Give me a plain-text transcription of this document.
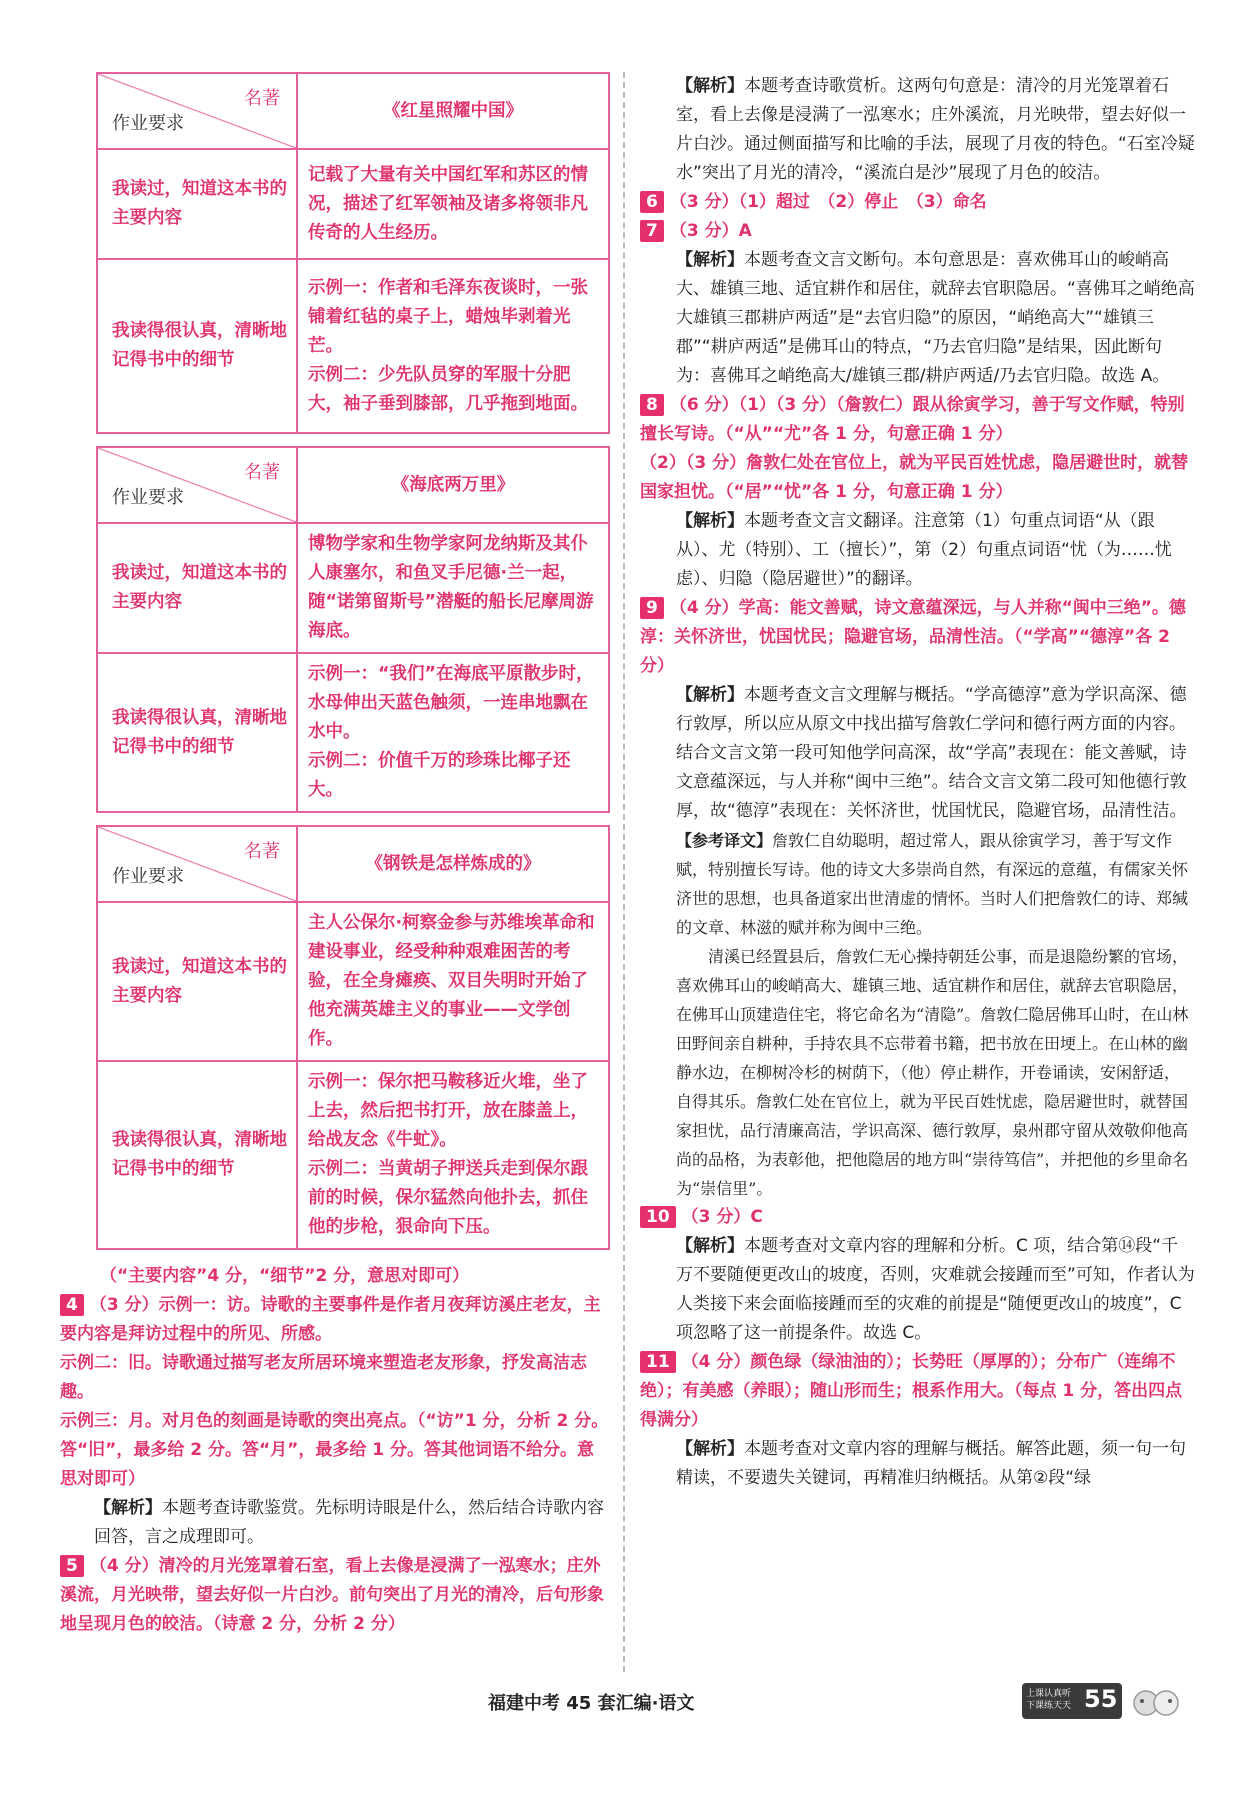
名著
作业要求	《红星照耀中国》
我读过，知道这本书的主要内容	记载了大量有关中国红军和苏区的情况，描述了红军领袖及诸多将领非凡传奇的人生经历。
我读得很认真，清晰地记得书中的细节	示例一：作者和毛泽东夜谈时，一张铺着红毡的桌子上，蜡烛毕剥着光芒。
示例二：少先队员穿的军服十分肥大，袖子垂到膝部，几乎拖到地面。
名著
作业要求	《海底两万里》
我读过，知道这本书的主要内容	博物学家和生物学家阿龙纳斯及其仆人康塞尔，和鱼叉手尼德·兰一起，随“诺第留斯号”潜艇的船长尼摩周游海底。
我读得很认真，清晰地记得书中的细节	示例一：“我们”在海底平原散步时，水母伸出天蓝色触须，一连串地飘在水中。
示例二：价值千万的珍珠比椰子还大。
名著
作业要求	《钢铁是怎样炼成的》
我读过，知道这本书的主要内容	主人公保尔·柯察金参与苏维埃革命和建设事业，经受种种艰难困苦的考验，在全身瘫痪、双目失明时开始了他充满英雄主义的事业——文学创作。
我读得很认真，清晰地记得书中的细节	示例一：保尔把马鞍移近火堆，坐了上去，然后把书打开，放在膝盖上，给战友念《牛虻》。
示例二：当黄胡子押送兵走到保尔跟前的时候，保尔猛然向他扑去，抓住他的步枪，狠命向下压。

（“主要内容”4 分，“细节”2 分，意思对即可）

4 （3 分）示例一：访。诗歌的主要事件是作者月夜拜访溪庄老友，主要内容是拜访过程中的所见、所感。
示例二：旧。诗歌通过描写老友所居环境来塑造老友形象，抒发高洁志趣。
示例三：月。对月色的刻画是诗歌的突出亮点。（“访”1 分，分析 2 分。答“旧”，最多给 2 分。答“月”，最多给 1 分。答其他词语不给分。意思对即可）

【解析】本题考查诗歌鉴赏。先标明诗眼是什么，然后结合诗歌内容回答，言之成理即可。

5 （4 分）清冷的月光笼罩着石室，看上去像是浸满了一泓寒水；庄外溪流，月光映带，望去好似一片白沙。前句突出了月光的清冷，后句形象地呈现月色的皎洁。（诗意 2 分，分析 2 分）

【解析】本题考查诗歌赏析。这两句句意是：清冷的月光笼罩着石室，看上去像是浸满了一泓寒水；庄外溪流，月光映带，望去好似一片白沙。通过侧面描写和比喻的手法，展现了月夜的特色。“石室冷疑水”突出了月光的清冷，“溪流白是沙”展现了月色的皎洁。

6 （3 分）（1）超过　（2）停止　（3）命名

7 （3 分）A

【解析】本题考查文言文断句。本句意思是：喜欢佛耳山的峻峭高大、雄镇三地、适宜耕作和居住，就辞去官职隐居。“喜佛耳之峭绝高大雄镇三郡耕庐两适”是“去官归隐”的原因，“峭绝高大”“雄镇三郡”“耕庐两适”是佛耳山的特点，“乃去官归隐”是结果，因此断句为：喜佛耳之峭绝高大/雄镇三郡/耕庐两适/乃去官归隐。故选 A。

8 （6 分）（1）（3 分）（詹敦仁）跟从徐寅学习，善于写文作赋，特别擅长写诗。（“从”“尤”各 1 分，句意正确 1 分）
（2）（3 分）詹敦仁处在官位上，就为平民百姓忧虑，隐居避世时，就替国家担忧。（“居”“忧”各 1 分，句意正确 1 分）

【解析】本题考查文言文翻译。注意第（1）句重点词语“从（跟从）、尤（特别）、工（擅长）”，第（2）句重点词语“忧（为……忧虑）、归隐（隐居避世）”的翻译。

9 （4 分）学高：能文善赋，诗文意蕴深远，与人并称“闽中三绝”。德淳：关怀济世，忧国忧民；隐避官场，品清性洁。（“学高”“德淳”各 2 分）

【解析】本题考查文言文理解与概括。“学高德淳”意为学识高深、德行敦厚，所以应从原文中找出描写詹敦仁学问和德行两方面的内容。结合文言文第一段可知他学问高深，故“学高”表现在：能文善赋，诗文意蕴深远，与人并称“闽中三绝”。结合文言文第二段可知他德行敦厚，故“德淳”表现在：关怀济世，忧国忧民，隐避官场，品清性洁。

【参考译文】詹敦仁自幼聪明，超过常人，跟从徐寅学习，善于写文作赋，特别擅长写诗。他的诗文大多崇尚自然，有深远的意蕴，有儒家关怀济世的思想，也具备道家出世清虚的情怀。当时人们把詹敦仁的诗、郑缄的文章、林滋的赋并称为闽中三绝。

清溪已经置县后，詹敦仁无心操持朝廷公事，而是退隐纷繁的官场，喜欢佛耳山的峻峭高大、雄镇三地、适宜耕作和居住，就辞去官职隐居，在佛耳山顶建造住宅，将它命名为“清隐”。詹敦仁隐居佛耳山时，在山林田野间亲自耕种，手持农具不忘带着书籍，把书放在田埂上。在山林的幽静水边，在柳树冷杉的树荫下，（他）停止耕作，开卷诵读，安闲舒适，自得其乐。詹敦仁处在官位上，就为平民百姓忧虑，隐居避世时，就替国家担忧，品行清廉高洁，学识高深、德行敦厚，泉州郡守留从效敬仰他高尚的品格，为表彰他，把他隐居的地方叫“崇待笃信”，并把他的乡里命名为“崇信里”。

10 （3 分）C

【解析】本题考查对文章内容的理解和分析。C 项，结合第⑭段“千万不要随便更改山的坡度，否则，灾难就会接踵而至”可知，作者认为人类接下来会面临接踵而至的灾难的前提是“随便更改山的坡度”，C 项忽略了这一前提条件。故选 C。

11 （4 分）颜色绿（绿油油的）；长势旺（厚厚的）；分布广（连绵不绝）；有美感（养眼）；随山形而生；根系作用大。（每点 1 分，答出四点得满分）

【解析】本题考查对文章内容的理解与概括。解答此题，须一句一句精读，不要遗失关键词，再精准归纳概括。从第②段“绿

福建中考 45 套汇编·语文	上课认真听 下课练天天 55
